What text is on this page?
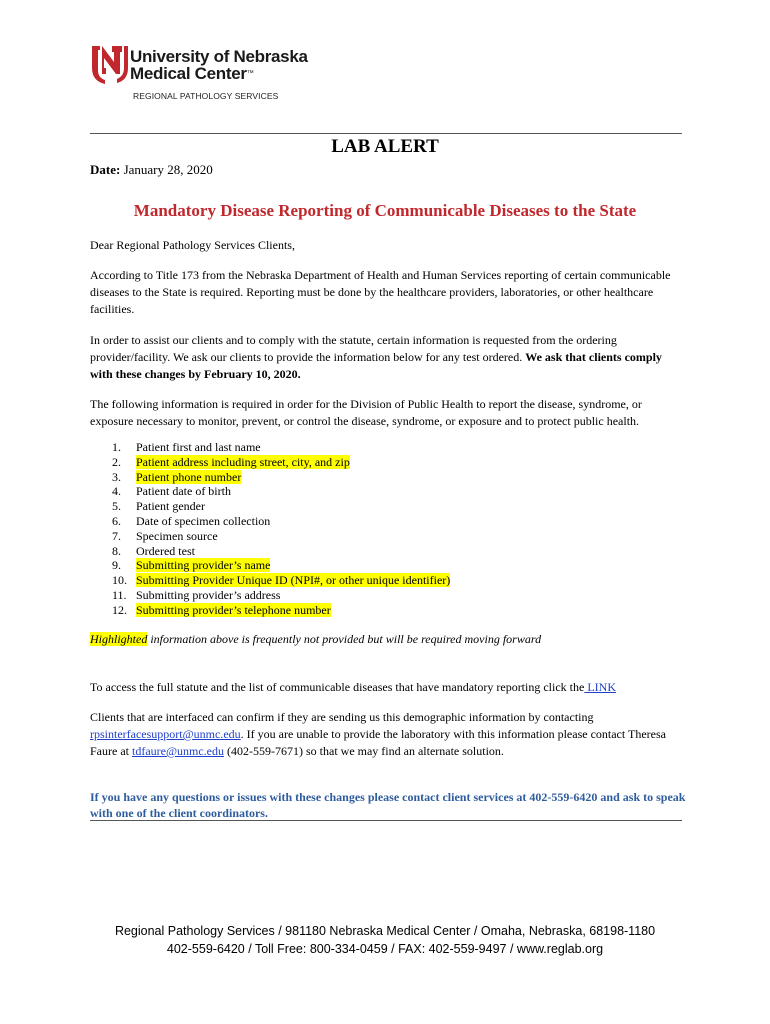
University of Nebraska
Medical Center™
REGIONAL PATHOLOGY SERVICES
LAB ALERT
Date: January 28, 2020
Mandatory Disease Reporting of Communicable Diseases to the State
Dear Regional Pathology Services Clients,
According to Title 173 from the Nebraska Department of Health and Human Services reporting of certain communicable diseases to the State is required. Reporting must be done by the healthcare providers, laboratories, or other healthcare facilities.
In order to assist our clients and to comply with the statute, certain information is requested from the ordering provider/facility. We ask our clients to provide the information below for any test ordered. We ask that clients comply with these changes by February 10, 2020.
The following information is required in order for the Division of Public Health to report the disease, syndrome, or exposure necessary to monitor, prevent, or control the disease, syndrome, or exposure and to protect public health.
1. Patient first and last name
2. Patient address including street, city, and zip
3. Patient phone number
4. Patient date of birth
5. Patient gender
6. Date of specimen collection
7. Specimen source
8. Ordered test
9. Submitting provider’s name
10. Submitting Provider Unique ID (NPI#, or other unique identifier)
11. Submitting provider’s address
12. Submitting provider’s telephone number
Highlighted information above is frequently not provided but will be required moving forward
To access the full statute and the list of communicable diseases that have mandatory reporting click the LINK
Clients that are interfaced can confirm if they are sending us this demographic information by contacting rpsinterfacesupport@unmc.edu. If you are unable to provide the laboratory with this information please contact Theresa Faure at tdfaure@unmc.edu (402-559-7671) so that we may find an alternate solution.
If you have any questions or issues with these changes please contact client services at 402-559-6420 and ask to speak with one of the client coordinators.
Regional Pathology Services / 981180 Nebraska Medical Center / Omaha, Nebraska, 68198-1180
402-559-6420 / Toll Free: 800-334-0459 / FAX: 402-559-9497 / www.reglab.org
